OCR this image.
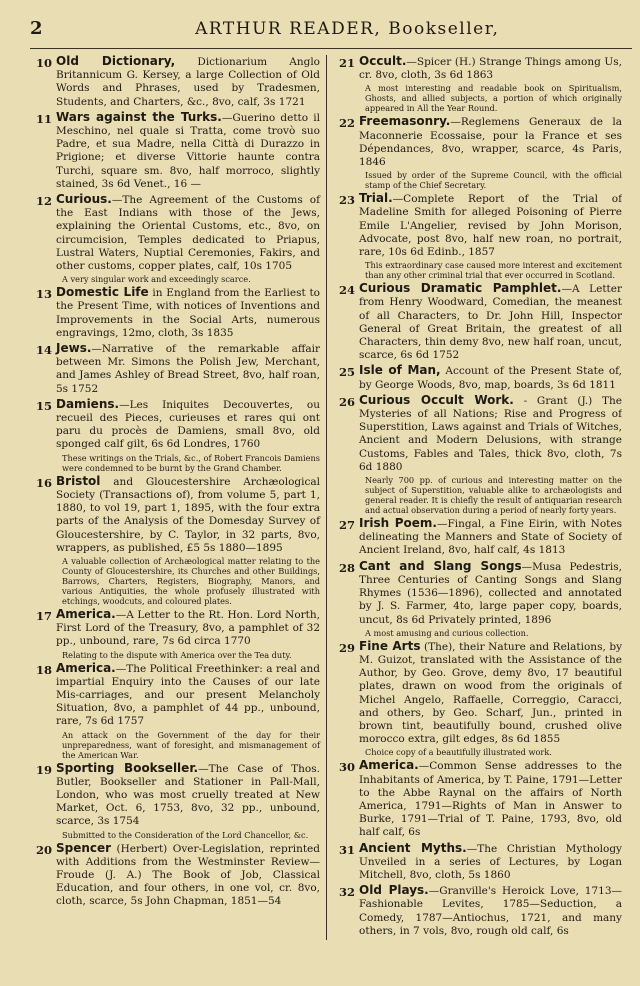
2	ARTHUR READER, Bookseller,
10 Old Dictionary, Dictionarium Anglo Britannicum G. Kersey, a large Collection of Old Words and Phrases, used by Tradesmen, Students, and Charters, &c., 8vo, calf, 3s 1721
11 Wars against the Turks.—Guerino detto il Meschino, nel quale si Tratta, come trovò suo Padre, et sua Madre, nella Città di Durazzo in Prigione; et diverse Vittorie haunte contra Turchi, square sm. 8vo, half morroco, slightly stained, 3s 6d Venet., 16 —
12 Curious.—The Agreement of the Customs of the East Indians with those of the Jews, explaining the Oriental Customs, etc., 8vo, on circumcision, Temples dedicated to Priapus, Lustral Waters, Nuptial Ceremonies, Fakirs, and other customs, copper plates, calf, 10s 1705
A very singular work and exceedingly scarce.
13 Domestic Life in England from the Earliest to the Present Time, with notices of Inventions and Improvements in the Social Arts, numerous engravings, 12mo, cloth, 3s 1835
14 Jews.—Narrative of the remarkable affair between Mr. Simons the Polish Jew, Merchant, and James Ashley of Bread Street, 8vo, half roan, 5s 1752
15 Damiens.—Les Iniquites Decouvertes, ou recueil des Pieces, curieuses et rares qui ont paru du procès de Damiens, small 8vo, old sponged calf gilt, 6s 6d Londres, 1760
These writings on the Trials, &c., of Robert Francois Damiens were condemned to be burnt by the Grand Chamber.
16 Bristol and Gloucestershire Archæological Society (Transactions of), from volume 5, part 1, 1880, to vol 19, part 1, 1895, with the four extra parts of the Analysis of the Domesday Survey of Gloucestershire, by C. Taylor, in 32 parts, 8vo, wrappers, as published, £5 5s 1880—1895
A valuable collection of Archæological matter relating to the County of Gloucestershire, its Churches and other Buildings, Barrows, Charters, Registers, Biography, Manors, and various Antiquities, the whole profusely illustrated with etchings, woodcuts, and coloured plates.
17 America.—A Letter to the Rt. Hon. Lord North, First Lord of the Treasury, 8vo, a pamphlet of 32 pp., unbound, rare, 7s 6d circa 1770
Relating to the dispute with America over the Tea duty.
18 America.—The Political Freethinker: a real and impartial Enquiry into the Causes of our late Mis-carriages, and our present Melancholy Situation, 8vo, a pamphlet of 44 pp., unbound, rare, 7s 6d 1757
An attack on the Government of the day for their unpreparedness, want of foresight, and mismanagement of the American War.
19 Sporting Bookseller.—The Case of Thos. Butler, Bookseller and Stationer in Pall-Mall, London, who was most cruelly treated at New Market, Oct. 6, 1753, 8vo, 32 pp., unbound, scarce, 3s 1754
Submitted to the Consideration of the Lord Chancellor, &c.
20 Spencer (Herbert) Over-Legislation, reprinted with Additions from the Westminster Review—Froude (J. A.) The Book of Job, Classical Education, and four others, in one vol, cr. 8vo, cloth, scarce, 5s John Chapman, 1851—54
21 Occult.—Spicer (H.) Strange Things among Us, cr. 8vo, cloth, 3s 6d 1863
A most interesting and readable book on Spiritualism, Ghosts, and allied subjects, a portion of which originally appeared in All the Year Round.
22 Freemasonry.—Reglemens Generaux de la Maconnerie Ecossaise, pour la France et ses Dépendances, 8vo, wrapper, scarce, 4s Paris, 1846
Issued by order of the Supreme Council, with the official stamp of the Chief Secretary.
23 Trial.—Complete Report of the Trial of Madeline Smith for alleged Poisoning of Pierre Emile L'Angelier, revised by John Morison, Advocate, post 8vo, half new roan, no portrait, rare, 10s 6d Edinb., 1857
This extraordinary case caused more interest and excitement than any other criminal trial that ever occurred in Scotland.
24 Curious Dramatic Pamphlet.—A Letter from Henry Woodward, Comedian, the meanest of all Characters, to Dr. John Hill, Inspector General of Great Britain, the greatest of all Characters, thin demy 8vo, new half roan, uncut, scarce, 6s 6d 1752
25 Isle of Man, Account of the Present State of, by George Woods, 8vo, map, boards, 3s 6d 1811
26 Curious Occult Work. - Grant (J.) The Mysteries of all Nations; Rise and Progress of Superstition, Laws against and Trials of Witches, Ancient and Modern Delusions, with strange Customs, Fables and Tales, thick 8vo, cloth, 7s 6d 1880
Nearly 700 pp. of curious and interesting matter on the subject of Superstition, valuable alike to archæologists and general reader. It is chiefly the result of antiquarian research and actual observation during a period of nearly forty years.
27 Irish Poem.—Fingal, a Fine Eirin, with Notes delineating the Manners and State of Society of Ancient Ireland, 8vo, half calf, 4s 1813
28 Cant and Slang Songs—Musa Pedestris, Three Centuries of Canting Songs and Slang Rhymes (1536—1896), collected and annotated by J. S. Farmer, 4to, large paper copy, boards, uncut, 8s 6d Privately printed, 1896
A most amusing and curious collection.
29 Fine Arts (The), their Nature and Relations, by M. Guizot, translated with the Assistance of the Author, by Geo. Grove, demy 8vo, 17 beautiful plates, drawn on wood from the originals of Michel Angelo, Raffaelle, Correggio, Caracci, and others, by Geo. Scharf, Jun., printed in brown tint, beautifully bound, crushed olive morocco extra, gilt edges, 8s 6d 1855
Choice copy of a beautifully illustrated work.
30 America.—Common Sense addresses to the Inhabitants of America, by T. Paine, 1791—Letter to the Abbe Raynal on the affairs of North America, 1791—Rights of Man in Answer to Burke, 1791—Trial of T. Paine, 1793, 8vo, old half calf, 6s
31 Ancient Myths.—The Christian Mythology Unveiled in a series of Lectures, by Logan Mitchell, 8vo, cloth, 5s 1860
32 Old Plays.—Granville's Heroick Love, 1713—Fashionable Levites, 1785—Seduction, a Comedy, 1787—Antiochus, 1721, and many others, in 7 vols, 8vo, rough old calf, 6s
